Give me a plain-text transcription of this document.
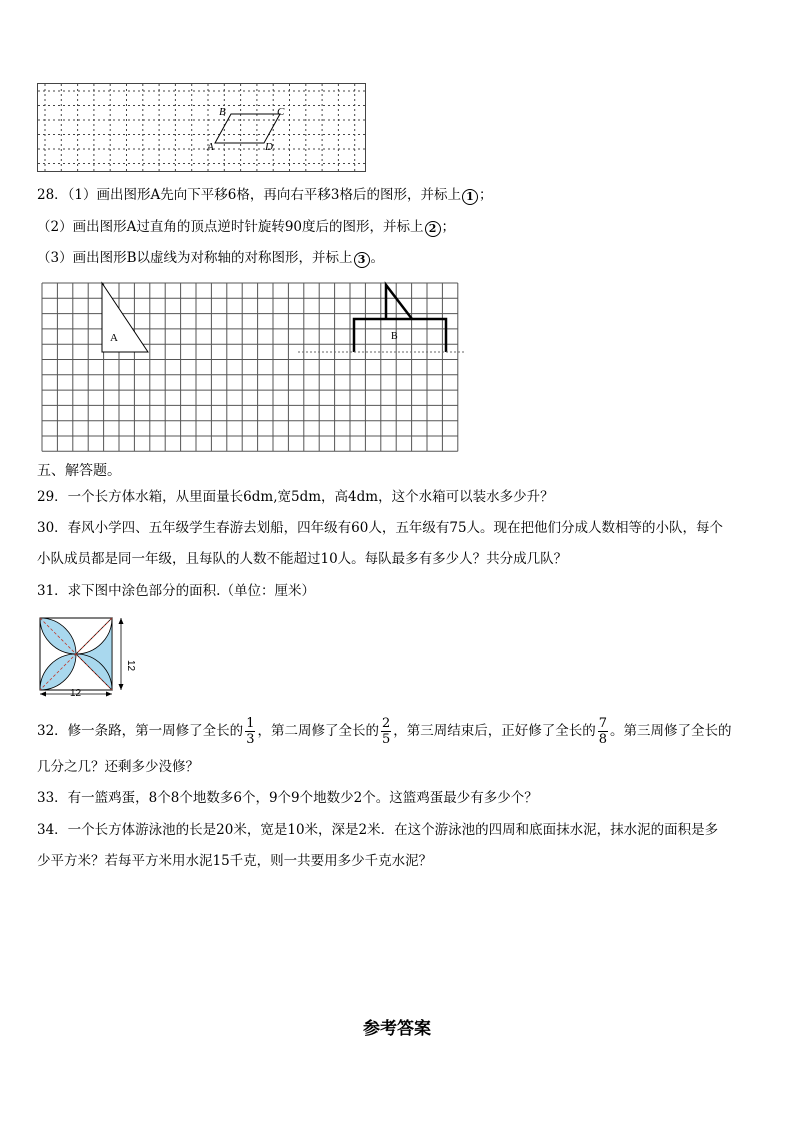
B	C
A	D
28．（1）画出图形A先向下平移6格，再向右平移3格后的图形，并标上 1 ；
（2）画出图形A过直角的顶点逆时针旋转90度后的图形，并标上 2 ；
（3）画出图形B以虚线为对称轴的对称图形，并标上 3 。
A	B
五、解答题。
29．一个长方体水箱，从里面量长6dm,宽5dm，高4dm，这个水箱可以装水多少升？
30．春风小学四、五年级学生春游去划船，四年级有60人，五年级有75人。现在把他们分成人数相等的小队，每个
小队成员都是同一年级，且每队的人数不能超过10人。每队最多有多少人？共分成几队？
31．求下图中涂色部分的面积.（单位：厘米）
12
12
32．修一条路，第一周修了全长的 $\frac{1}{3}$ ，第二周修了全长的 $\frac{2}{5}$ ，第三周结束后，正好修了全长的 $\frac{7}{8}$ 。第三周修了全长的
几分之几？还剩多少没修？
33．有一篮鸡蛋，8个8个地数多6个，9个9个地数少2个。这篮鸡蛋最少有多少个？
34．一个长方体游泳池的长是20米，宽是10米，深是2米．在这个游泳池的四周和底面抹水泥，抹水泥的面积是多
少平方米？若每平方米用水泥15千克，则一共要用多少千克水泥？
参考答案
